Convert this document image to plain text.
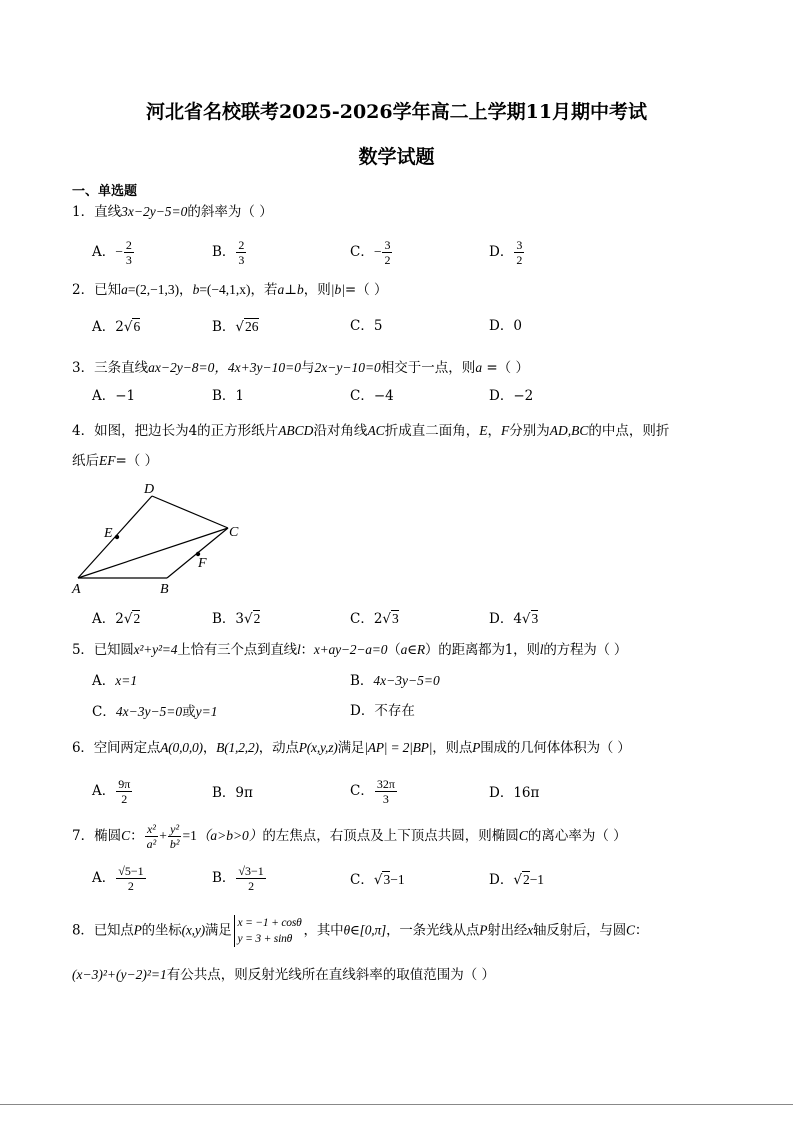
河北省名校联考2025-2026学年高二上学期11月期中考试
数学试题
一、单选题
1．直线3x−2y−5=0的斜率为（ ）
A．− $\frac{2}{3}$	B． $\frac{2}{3}$	C．− $\frac{3}{2}$	D． $\frac{3}{2}$
2．已知a=(2,−1,3)，b=(−4,1,x)，若a⊥b，则|b|=（ ）
A．2√6	B．√26	C．5	D．0
3．三条直线ax−2y−8=0，4x+3y−10=0与2x−y−10=0相交于一点，则a =（ ）
A．−1	B．1	C．−4	D．−2
4．如图，把边长为4的正方形纸片ABCD沿对角线AC折成直二面角，E，F分别为AD,BC的中点，则折
纸后EF=（ ）
A	B
C
D
E
F
A．2√2	B．3√2	C．2√3	D．4√3
5．已知圆x²+y²=4上恰有三个点到直线l：x+ay−2−a=0（a∈R）的距离都为1，则l的方程为（ ）
A．x=1	B．4x−3y−5=0
C．4x−3y−5=0或y=1	D．不存在
6．空间两定点A(0,0,0)，B(1,2,2)，动点P(x,y,z)满足|AP| = 2|BP|，则点P围成的几何体体积为（ ）
A． $\frac{9\pi}{2}$	B．9π	C． $\frac{32\pi}{3}$	D．16π
7．椭圆C： $\frac{\text{x²}}{\text{a²}} + \frac{\text{y²}}{\text{b²}} =1(a>b>0)$的左焦点，右顶点及上下顶点共圆，则椭圆C的离心率为（ ）
A． $\frac{√5-1}{2}$	B． $\frac{√3-1}{2}$	C．√3−1	D．√2−1
8．已知点P的坐标(x,y)满足 x = −1 + cosθ
y = 3 + sinθ
，其中θ∈[0,π]，一条光线从点P射出经x轴反射后，与圆C：
(x−3)²+(y−2)²=1有公共点，则反射光线所在直线斜率的取值范围为（ ）
